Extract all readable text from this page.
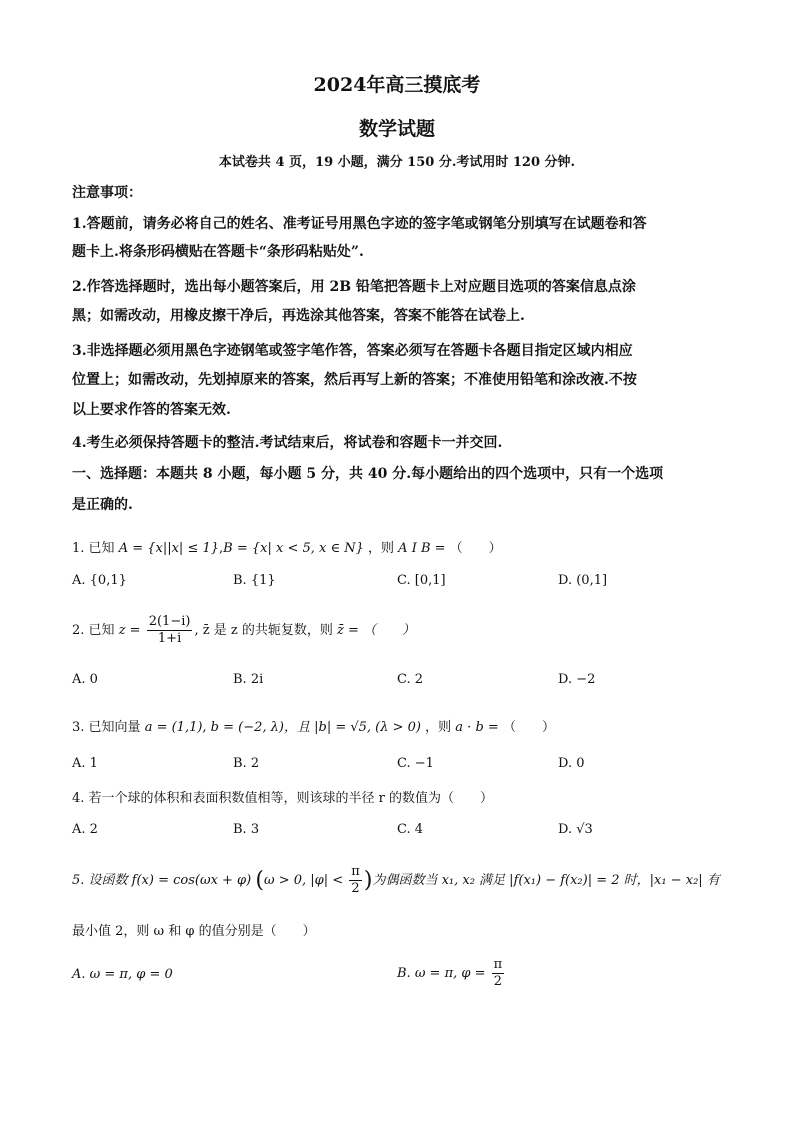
2024年高三摸底考
数学试题
本试卷共 4 页，19 小题，满分 150 分.考试用时 120 分钟.
注意事项：
1.答题前，请务必将自己的姓名、准考证号用黑色字迹的签字笔或钢笔分别填写在试题卷和答
题卡上.将条形码横贴在答题卡“条形码粘贴处”.
2.作答选择题时，选出每小题答案后，用 2B 铅笔把答题卡上对应题目选项的答案信息点涂
黑；如需改动，用橡皮擦干净后，再选涂其他答案，答案不能答在试卷上.
3.非选择题必须用黑色字迹钢笔或签字笔作答，答案必须写在答题卡各题目指定区域内相应
位置上；如需改动，先划掉原来的答案，然后再写上新的答案；不准使用铅笔和涂改液.不按
以上要求作答的答案无效.
4.考生必须保持答题卡的整洁.考试结束后，将试卷和容题卡一并交回.
一、选择题：本题共 8 小题，每小题 5 分，共 40 分.每小题给出的四个选项中，只有一个选项
是正确的.
1. 已知 A = {x||x| ≤ 1},B = {x| x < 5, x ∈ N} ，则 A I B = （　　）
A. {0,1}	B. {1}	C. [0,1]	D. (0,1]
2. 已知 $z = \frac{2(1-i)}{1+i}$ , z̄ 是 z 的共轭复数，则 z̄ = （　　）
A. 0	B. 2i	C. 2	D. −2
3. 已知向量 a = (1,1), b = (−2, λ)，且 |b| = √5, (λ > 0) ，则 a · b = （　　）
A. 1	B. 2	C. −1	D. 0
4. 若一个球的体积和表面积数值相等，则该球的半径 r 的数值为（　　）
A. 2	B. 3	C. 4	D. √3
5. 设函数 f(x) = cos(ωx + φ) (ω > 0, $|\varphi| < \frac{\pi}{2}$ )为偶函数当 x₁, x₂ 满足 |f(x₁) − f(x₂)| = 2 时，|x₁ − x₂| 有
最小值 2，则 ω 和 φ 的值分别是（　　）
A. ω = π, φ = 0	B. ω = π, $\varphi = \frac{\pi}{2}$
